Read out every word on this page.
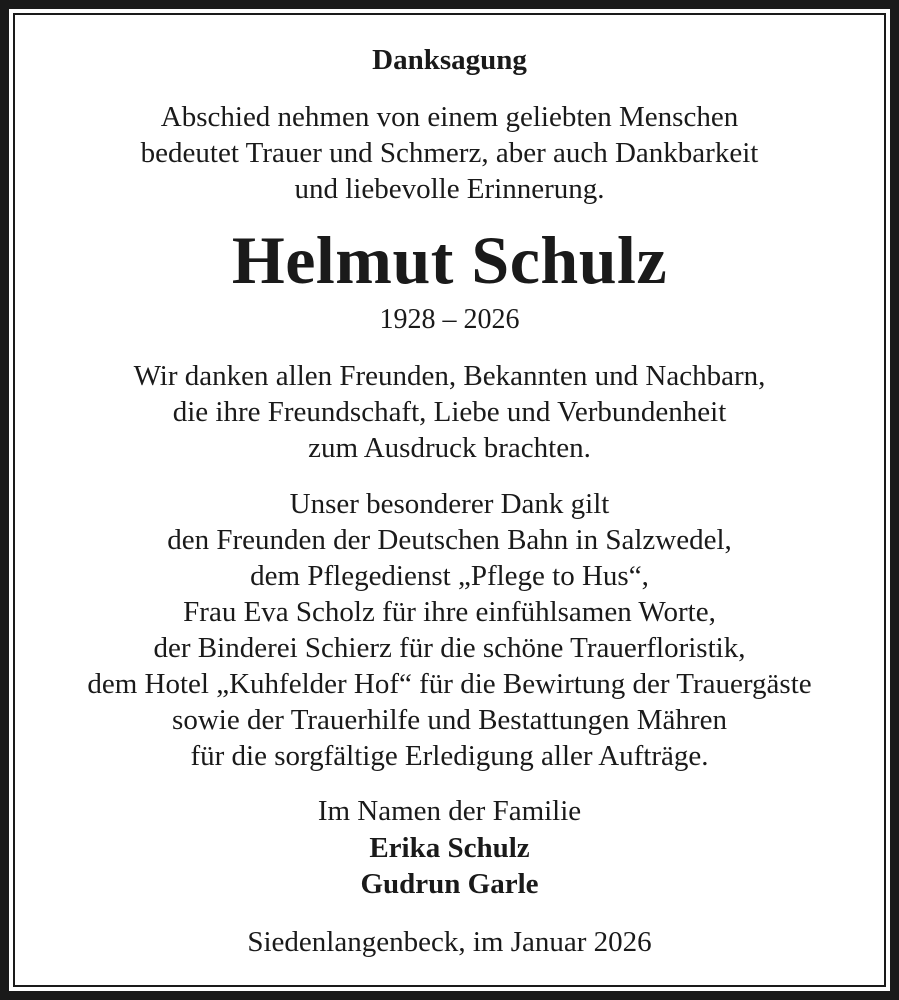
Danksagung
Abschied nehmen von einem geliebten Menschen
bedeutet Trauer und Schmerz, aber auch Dankbarkeit
und liebevolle Erinnerung.
Helmut Schulz
1928 – 2026
Wir danken allen Freunden, Bekannten und Nachbarn,
die ihre Freundschaft, Liebe und Verbundenheit
zum Ausdruck brachten.
Unser besonderer Dank gilt
den Freunden der Deutschen Bahn in Salzwedel,
dem Pflegedienst „Pflege to Hus“,
Frau Eva Scholz für ihre einfühlsamen Worte,
der Binderei Schierz für die schöne Trauerfloristik,
dem Hotel „Kuhfelder Hof“ für die Bewirtung der Trauergäste
sowie der Trauerhilfe und Bestattungen Mähren
für die sorgfältige Erledigung aller Aufträge.
Im Namen der Familie
Erika Schulz
Gudrun Garle
Siedenlangenbeck, im Januar 2026
